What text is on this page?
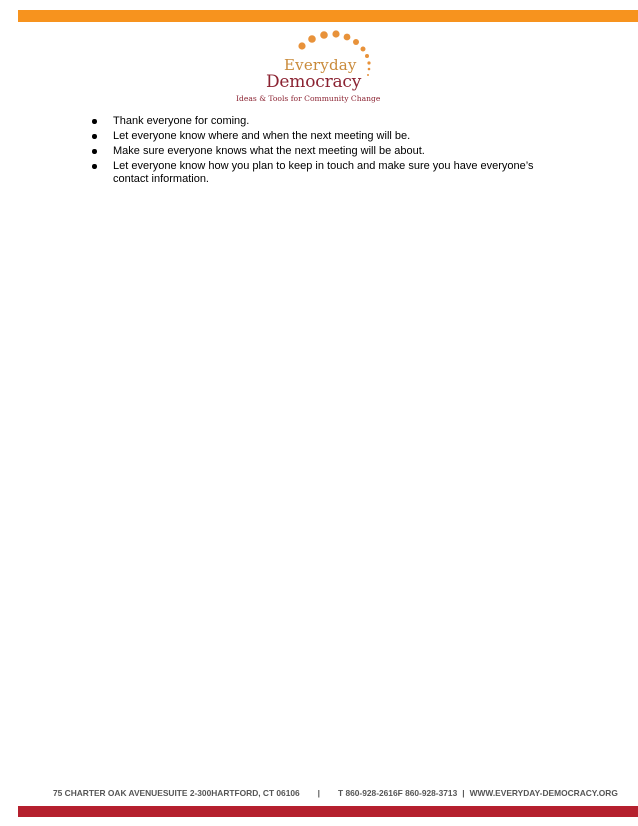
Everyday
Democracy
Ideas & Tools for Community Change
Thank everyone for coming.
Let everyone know where and when the next meeting will be.
Make sure everyone knows what the next meeting will be about.
Let everyone know how you plan to keep in touch and make sure you have everyone’s contact information.
75 CHARTER OAK AVENUE SUITE 2-300 HARTFORD, CT 06106	|	T 860-928-2616 F 860-928-3713 | WWW.EVERYDAY-DEMOCRACY.ORG
